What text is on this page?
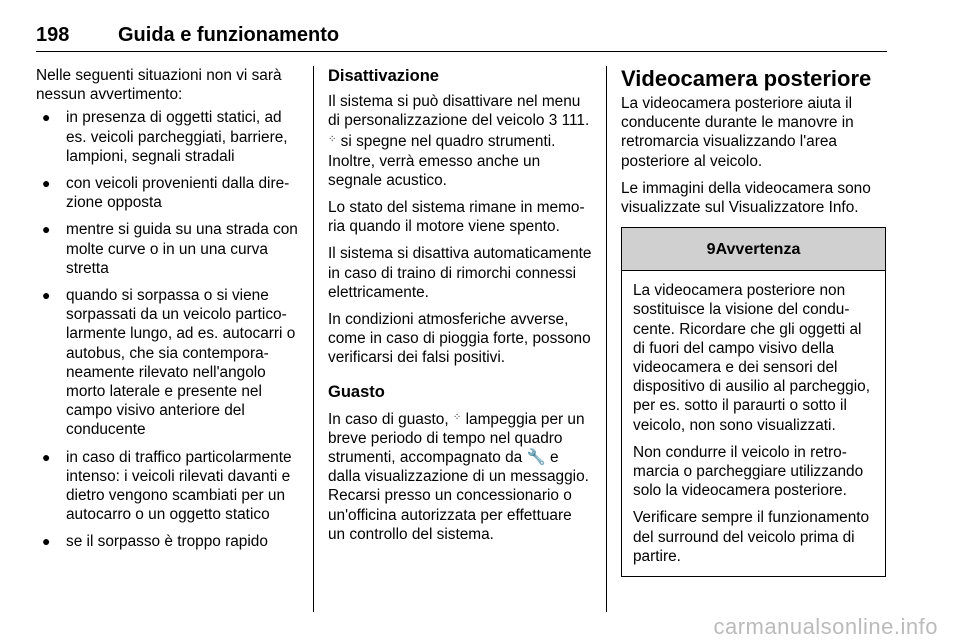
198 Guida e funzionamento

Nelle seguenti situazioni non vi sarà nessun avvertimento:

● in presenza di oggetti statici, ad es. veicoli parcheggiati, barriere, lampioni, segnali stradali
● con veicoli provenienti dalla direzione opposta
● mentre si guida su una strada con molte curve o in un una curva stretta
● quando si sorpassa o si viene sorpassati da un veicolo particolarmente lungo, ad es. autocarri o autobus, che sia contemporaneamente rilevato nell'angolo morto laterale e presente nel campo visivo anteriore del conducente
● in caso di traffico particolarmente intenso: i veicoli rilevati davanti e dietro vengono scambiati per un autocarro o un oggetto statico
● se il sorpasso è troppo rapido
Disattivazione

Il sistema si può disattivare nel menu di personalizzazione del veicolo 3 111. ⁘ si spegne nel quadro strumenti. Inoltre, verrà emesso anche un segnale acustico.

Lo stato del sistema rimane in memoria quando il motore viene spento.

Il sistema si disattiva automaticamente in caso di traino di rimorchi connessi elettricamente.

In condizioni atmosferiche avverse, come in caso di pioggia forte, possono verificarsi dei falsi positivi.

Guasto

In caso di guasto, ⁘ lampeggia per un breve periodo di tempo nel quadro strumenti, accompagnato da 🔧 e dalla visualizzazione di un messaggio. Recarsi presso un concessionario o un'officina autorizzata per effettuare un controllo del sistema.

Videocamera posteriore

La videocamera posteriore aiuta il conducente durante le manovre in retromarcia visualizzando l'area posteriore al veicolo.

Le immagini della videocamera sono visualizzate sul Visualizzatore Info.

9 Avvertenza

La videocamera posteriore non sostituisce la visione del conducente. Ricordare che gli oggetti al di fuori del campo visivo della videocamera e dei sensori del dispositivo di ausilio al parcheggio, per es. sotto il paraurti o sotto il veicolo, non sono visualizzati.

Non condurre il veicolo in retromarcia o parcheggiare utilizzando solo la videocamera posteriore.

Verificare sempre il funzionamento del surround del veicolo prima di partire.

carmanualsonline.info
